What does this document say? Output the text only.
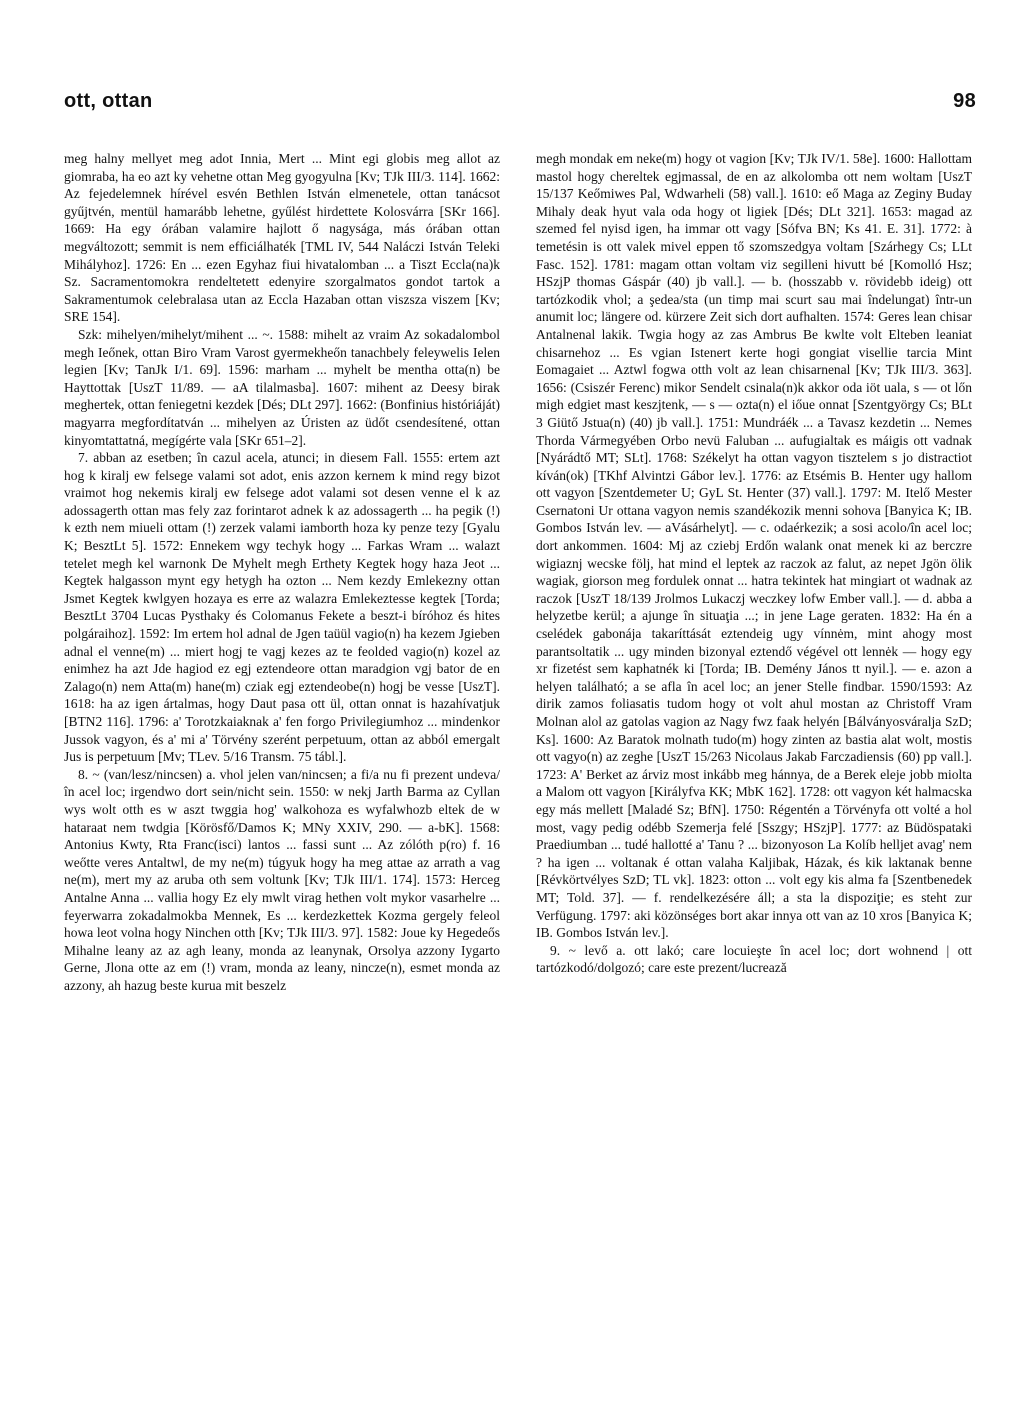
ott, ottan	98

meg halny mellyet meg adot Innia, Mert ... Mint egi globis meg allot az giomraba, ha eo azt ky vehetne ottan Meg gyogyulna [Kv; TJk III/3. 114]. 1662: Az fejedelemnek hírével esvén Bethlen István elmenetele, ottan tanácsot gyűjtvén, mentül hamarább lehetne, gyűlést hirdettete Kolosvárra [SKr 166]. 1669: Ha egy órában valamire hajlott ő nagysága, más órában ottan megváltozott; semmit is nem efficiálhaték [TML IV, 544 Naláczi István Teleki Mihályhoz]. 1726: En ... ezen Egyhaz fiui hivatalomban ... a Tiszt Eccla(na)k Sz. Sacramentomokra rendeltetett edenyire szorgalmatos gondot tartok a Sakramentumok celebralasa utan az Eccla Hazaban ottan viszsza viszem [Kv; SRE 154].

Szk: mihelyen/mihelyt/mihent ... ~. 1588: mihelt az vraim Az sokadalombol megh Ieőnek, ottan Biro Vram Varost gyermekheőn tanachbely feleywelis Ielen legien [Kv; TanJk I/1. 69]. 1596: marham ... myhelt be mentha otta(n) be Hayttottak [UszT 11/89. — aA tilalmasba]. 1607: mihent az Deesy birak meghertek, ottan feniegetni kezdek [Dés; DLt 297]. 1662: (Bonfinius históriáját) magyarra megfordítatván ... mihelyen az Úristen az üdőt csendesítené, ottan kinyomtattatná, megígérte vala [SKr 651–2].

7. abban az esetben; în cazul acela, atunci; in diesem Fall. 1555: ertem azt hog k kiralj ew felsege valami sot adot, enis azzon kernem k mind regy bizot vraimot hog nekemis kiralj ew felsege adot valami sot desen venne el k az adossagerth ottan mas fely zaz forintarot adnek k az adossagerth ... ha pegik (!) k ezth nem miueli ottam (!) zerzek valami iamborth hoza ky penze tezy [Gyalu K; BesztLt 5]. 1572: Ennekem wgy techyk hogy ... Farkas Wram ... walazt tetelet megh kel warnonk De Myhelt megh Erthety Kegtek hogy haza Jeot ... Kegtek halgasson mynt egy hetygh ha ozton ... Nem kezdy Emlekezny ottan Jsmet Kegtek kwlgyen hozaya es erre az walazra Emlekeztesse kegtek [Torda; BesztLt 3704 Lucas Pysthaky és Colomanus Fekete a beszt-i bíróhoz és hites polgáraihoz]. 1592: Im ertem hol adnal de Jgen taüül vagio(n) ha kezem Jgieben adnal el venne(m) ... miert hogj te vagj kezes az te feolded vagio(n) kozel az enimhez ha azt Jde hagiod ez egj eztendeore ottan maradgion vgj bator de en Zalago(n) nem Atta(m) hane(m) cziak egj eztendeobe(n) hogj be vesse [UszT]. 1618: ha az igen ártalmas, hogy Daut pasa ott ül, ottan onnat is hazahívatjuk [BTN2 116]. 1796: a' Torotzkaiaknak a' fen forgo Privilegiumhoz ... mindenkor Jussok vagyon, és a' mi a' Törvény szerént perpetuum, ottan az abból emergalt Jus is perpetuum [Mv; TLev. 5/16 Transm. 75 tábl.].

8. ~ (van/lesz/nincsen) a. vhol jelen van/nincsen; a fi/a nu fi prezent undeva/în acel loc; irgendwo dort sein/nicht sein. 1550: w nekj Jarth Barma az Cyllan wys wolt otth es w aszt twggia hog' walkohoza es wyfalwhozb eltek de w hataraat nem twdgia [Körösfő/Damos K; MNy XXIV, 290. — a-bK]. 1568: Antonius Kwty, Rta Franc(isci) lantos ... fassi sunt ... Az zólóth p(ro) f. 16 weőtte veres Antaltwl, de my ne(m) túgyuk hogy ha meg attae az arrath a vag ne(m), mert my az aruba oth sem voltunk [Kv; TJk III/1. 174]. 1573: Herceg Antalne Anna ... vallia hogy Ez ely mwlt virag hethen volt mykor vasarhelre ... feyerwarra zokadalmokba Mennek, Es ... kerdezkettek Kozma gergely feleol howa leot volna hogy Ninchen otth [Kv; TJk III/3. 97]. 1582: Joue ky Hegedeős Mihalne leany az az agh leany, monda az leanynak, Orsolya azzony Iygarto Gerne, Jlona otte az em (!) vram, monda az leany, nincze(n), esmet monda az azzony, ah hazug beste kurua mit beszelz

megh mondak em neke(m) hogy ot vagion [Kv; TJk IV/1. 58e]. 1600: Hallottam mastol hogy chereltek egjmassal, de en az alkolomba ott nem woltam [UszT 15/137 Keőmiwes Pal, Wdwarheli (58) vall.]. 1610: eő Maga az Zeginy Buday Mihaly deak hyut vala oda hogy ot ligiek [Dés; DLt 321]. 1653: magad az szemed fel nyisd igen, ha immar ott vagy [Sófva BN; Ks 41. E. 31]. 1772: à temetésin is ott valek mivel eppen tő szomszedgya voltam [Szárhegy Cs; LLt Fasc. 152]. 1781: magam ottan voltam viz segilleni hivutt bé [Komolló Hsz; HSzjP thomas Gáspár (40) jb vall.]. — b. (hosszabb v. rövidebb ideig) ott tartózkodik vhol; a şedea/sta (un timp mai scurt sau mai îndelungat) într-un anumit loc; längere od. kürzere Zeit sich dort aufhalten. 1574: Geres lean chisar Antalnenal lakik. Twgia hogy az zas Ambrus Be kwlte volt Elteben leaniat chisarnehoz ... Es vgian Istenert kerte hogi gongiat visellie tarcia Mint Eomagaiet ... Aztwl fogwa otth volt az lean chisarnenal [Kv; TJk III/3. 363]. 1656: (Csiszér Ferenc) mikor Sendelt csinala(n)k akkor oda iöt uala, s — ot lőn migh edgiet mast keszjtenk, — s — ozta(n) el iőue onnat [Szentgyörgy Cs; BLt 3 Giütő Jstua(n) (40) jb vall.]. 1751: Mundráék ... a Tavasz kezdetin ... Nemes Thorda Vármegyében Orbo nevü Faluban ... aufugialtak es máigis ott vadnak [Nyárádtő MT; SLt]. 1768: Székelyt ha ottan vagyon tisztelem s jo distractiot kíván(ok) [TKhf Alvintzi Gábor lev.]. 1776: az Etsémis B. Henter ugy hallom ott vagyon [Szentdemeter U; GyL St. Henter (37) vall.]. 1797: M. Itelő Mester Csernatoni Ur ottana vagyon nemis szandékozik menni sohova [Banyica K; IB. Gombos István lev. — aVásárhelyt]. — c. odaérkezik; a sosi acolo/în acel loc; dort ankommen. 1604: Mj az cziebj Erdőn walank onat menek ki az berczre wigiaznj wecske följ, hat mind el leptek az raczok az falut, az nepet Jgön ölik wagiak, giorson meg fordulek onnat ... hatra tekintek hat mingiart ot wadnak az raczok [UszT 18/139 Jrolmos Lukaczj weczkey lofw Ember vall.]. — d. abba a helyzetbe kerül; a ajunge în situaţia ...; in jene Lage geraten. 1832: Ha én a cselédek gabonája takaríttását eztendeig ugy vínnėm, mint ahogy most parantsoltatik ... ugy minden bizonyal eztendő végével ott lennėk — hogy egy xr fizetést sem kaphatnék ki [Torda; IB. Demény János tt nyil.]. — e. azon a helyen található; a se afla în acel loc; an jener Stelle findbar. 1590/1593: Az dirik zamos foliasatis tudom hogy ot volt ahul mostan az Christoff Vram Molnan alol az gatolas vagion az Nagy fwz faak helyén [Bálványosváralja SzD; Ks]. 1600: Az Baratok molnath tudo(m) hogy zinten az bastia alat wolt, mostis ott vagyo(n) az zeghe [UszT 15/263 Nicolaus Jakab Farczadiensis (60) pp vall.]. 1723: A' Berket az árviz most inkább meg hánnya, de a Berek eleje jobb miolta a Malom ott vagyon [Királyfva KK; MbK 162]. 1728: ott vagyon két halmacska egy más mellett [Maladé Sz; BfN]. 1750: Régentén a Törvényfa ott volté a hol most, vagy pedig odébb Szemerja felé [Sszgy; HSzjP]. 1777: az Büdöspataki Praediumban ... tudé hallotté a' Tanu ? ... bizonyoson La Kolíb helljet avag' nem ? ha igen ... voltanak é ottan valaha Kaljibak, Házak, és kik laktanak benne [Révkörtvélyes SzD; TL vk]. 1823: otton ... volt egy kis alma fa [Szentbenedek MT; Told. 37]. — f. rendelkezésére áll; a sta la dispoziţie; es steht zur Verfügung. 1797: aki közönséges bort akar innya ott van az 10 xros [Banyica K; IB. Gombos István lev.].

9. ~ levő a. ott lakó; care locuieşte în acel loc; dort wohnend | ott tartózkodó/dolgozó; care este prezent/lucrează
